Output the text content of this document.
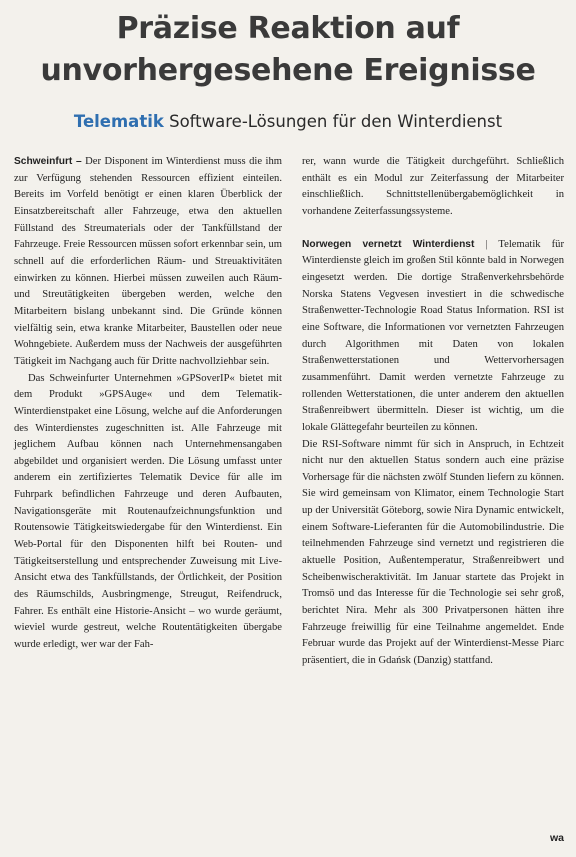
Präzise Reaktion auf
unvorhergesehene Ereignisse
Telematik Software-Lösungen für den Winterdienst

Schweinfurt – Der Disponent im Winterdienst muss die ihm zur Verfügung stehenden Ressourcen effizient einteilen. Bereits im Vorfeld benötigt er einen klaren Überblick der Einsatzbereitschaft aller Fahrzeuge, etwa den aktuellen Füllstand des Streumaterials oder der Tankfüllstand der Fahrzeuge. Freie Ressourcen müssen sofort erkennbar sein, um schnell auf die erforderlichen Räum- und Streuaktivitäten einwirken zu können. Hierbei müssen zuweilen auch Räum- und Streutätigkeiten übergeben werden, welche den Mitarbeitern bislang unbekannt sind. Die Gründe können vielfältig sein, etwa kranke Mitarbeiter, Baustellen oder neue Wohngebiete. Außerdem muss der Nachweis der ausgeführten Tätigkeit im Nachgang auch für Dritte nachvollziehbar sein.

Das Schweinfurter Unternehmen »GPSoverIP« bietet mit dem Produkt »GPSAuge« und dem Telematik-Winterdienstpaket eine Lösung, welche auf die Anforderungen des Winterdienstes zugeschnitten ist. Alle Fahrzeuge mit jeglichem Aufbau können nach Unternehmensangaben abgebildet und organisiert werden. Die Lösung umfasst unter anderem ein zertifiziertes Telematik Device für alle im Fuhrpark befindlichen Fahrzeuge und deren Aufbauten, Navigationsgeräte mit Routenaufzeichnungsfunktion und Routensowie Tätigkeitswiedergabe für den Winterdienst. Ein Web-Portal für den Disponenten hilft bei Routen- und Tätigkeitserstellung und entsprechender Zuweisung mit Live-Ansicht etwa des Tankfüllstands, der Örtlichkeit, der Position des Räumschilds, Ausbringmenge, Streugut, Reifendruck, Fahrer. Es enthält eine Historie-Ansicht – wo wurde geräumt, wieviel wurde gestreut, welche Routentätigkeiten übergabe wurde erledigt, wer war der Fah-

rer, wann wurde die Tätigkeit durchgeführt. Schließlich enthält es ein Modul zur Zeiterfassung der Mitarbeiter einschließlich. Schnittstellenübergabemöglichkeit in vorhandene Zeiterfassungssysteme.

Norwegen vernetzt Winterdienst | Telematik für Winterdienste gleich im großen Stil könnte bald in Norwegen eingesetzt werden. Die dortige Straßenverkehrsbehörde Norska Statens Vegvesen investiert in die schwedische Straßenwetter-Technologie Road Status Information. RSI ist eine Software, die Informationen vor vernetzten Fahrzeugen durch Algorithmen mit Daten von lokalen Straßenwetterstationen und Wettervorhersagen zusammenführt. Damit werden vernetzte Fahrzeuge zu rollenden Wetterstationen, die unter anderem den aktuellen Straßenreibwert übermitteln. Dieser ist wichtig, um die lokale Glättegefahr beurteilen zu können.

Die RSI-Software nimmt für sich in Anspruch, in Echtzeit nicht nur den aktuellen Status sondern auch eine präzise Vorhersage für die nächsten zwölf Stunden liefern zu können. Sie wird gemeinsam von Klimator, einem Technologie Start up der Universität Göteborg, sowie Nira Dynamic entwickelt, einem Software-Lieferanten für die Automobilindustrie. Die teilnehmenden Fahrzeuge sind vernetzt und registrieren die aktuelle Position, Außentemperatur, Straßenreibwert und Scheibenwischeraktivität. Im Januar startete das Projekt in Tromsö und das Interesse für die Technologie sei sehr groß, berichtet Nira. Mehr als 300 Privatpersonen hätten ihre Fahrzeuge freiwillig für eine Teilnahme angemeldet. Ende Februar wurde das Projekt auf der Winterdienst-Messe Piarc präsentiert, die in Gdańsk (Danzig) stattfand.

wa
